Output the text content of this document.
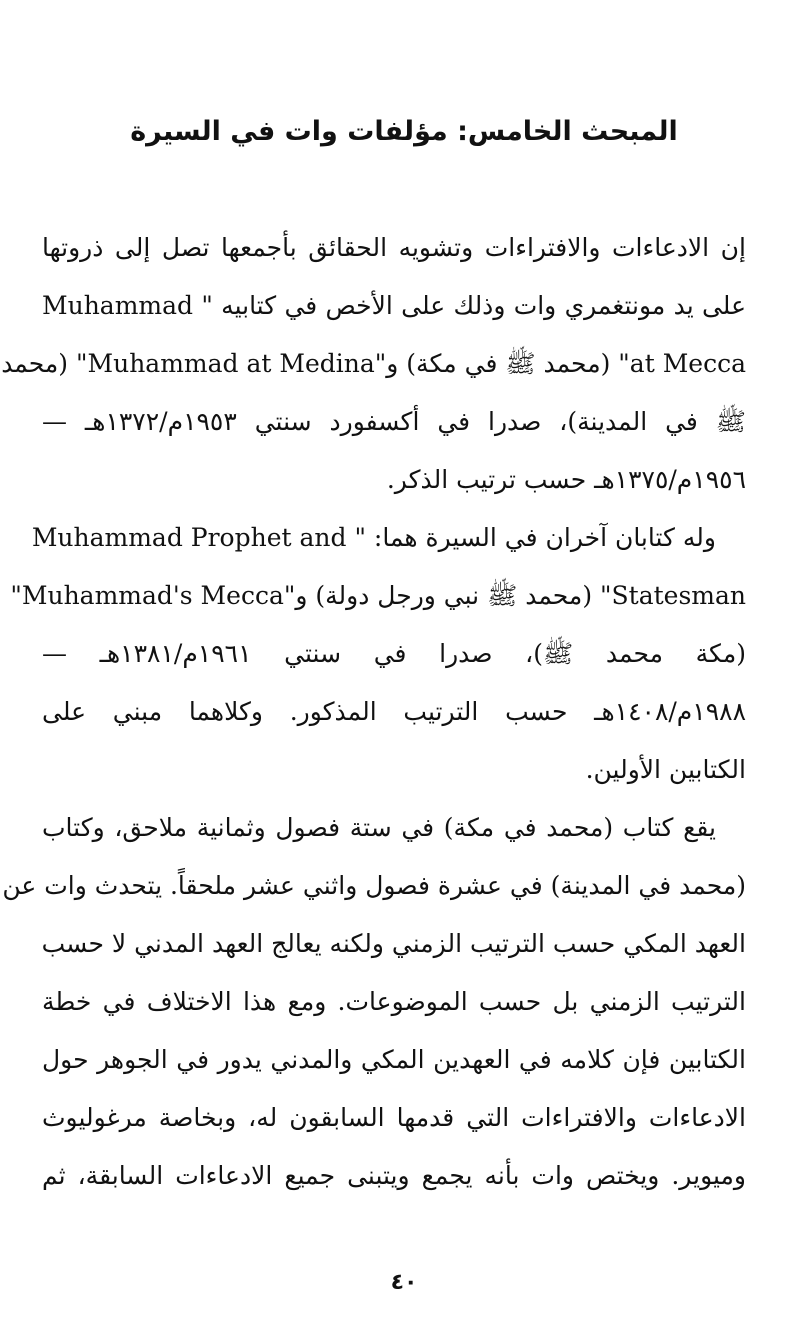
المبحث الخامس: مؤلفات وات في السيرة
إن الادعاءات والافتراءات وتشويه الحقائق بأجمعها تصل إلى ذروتها
على يد مونتغمري وات وذلك على الأخص في كتابيه " Muhammad
at Mecca" (محمد ﷺ في مكة) و"Muhammad at Medina" (محمد
ﷺ في المدينة)، صدرا في أكسفورد سنتي ١٩٥٣م/١٣٧٢هـ —
١٩٥٦م/١٣٧٥هـ حسب ترتيب الذكر.
وله كتابان آخران في السيرة هما: " Muhammad Prophet and
Statesman" (محمد ﷺ نبي ورجل دولة) و"Muhammad's Mecca"
(مكة محمد ﷺ)، صدرا في سنتي ١٩٦١م/١٣٨١هـ —
١٩٨٨م/١٤٠٨هـ حسب الترتيب المذكور. وكلاهما مبني على
الكتابين الأولين.
يقع كتاب (محمد في مكة) في ستة فصول وثمانية ملاحق، وكتاب
(محمد في المدينة) في عشرة فصول واثني عشر ملحقاً. يتحدث وات عن
العهد المكي حسب الترتيب الزمني ولكنه يعالج العهد المدني لا حسب
الترتيب الزمني بل حسب الموضوعات. ومع هذا الاختلاف في خطة
الكتابين فإن كلامه في العهدين المكي والمدني يدور في الجوهر حول
الادعاءات والافتراءات التي قدمها السابقون له، وبخاصة مرغوليوث
وميوير. ويختص وات بأنه يجمع ويتبنى جميع الادعاءات السابقة، ثم
٤٠
